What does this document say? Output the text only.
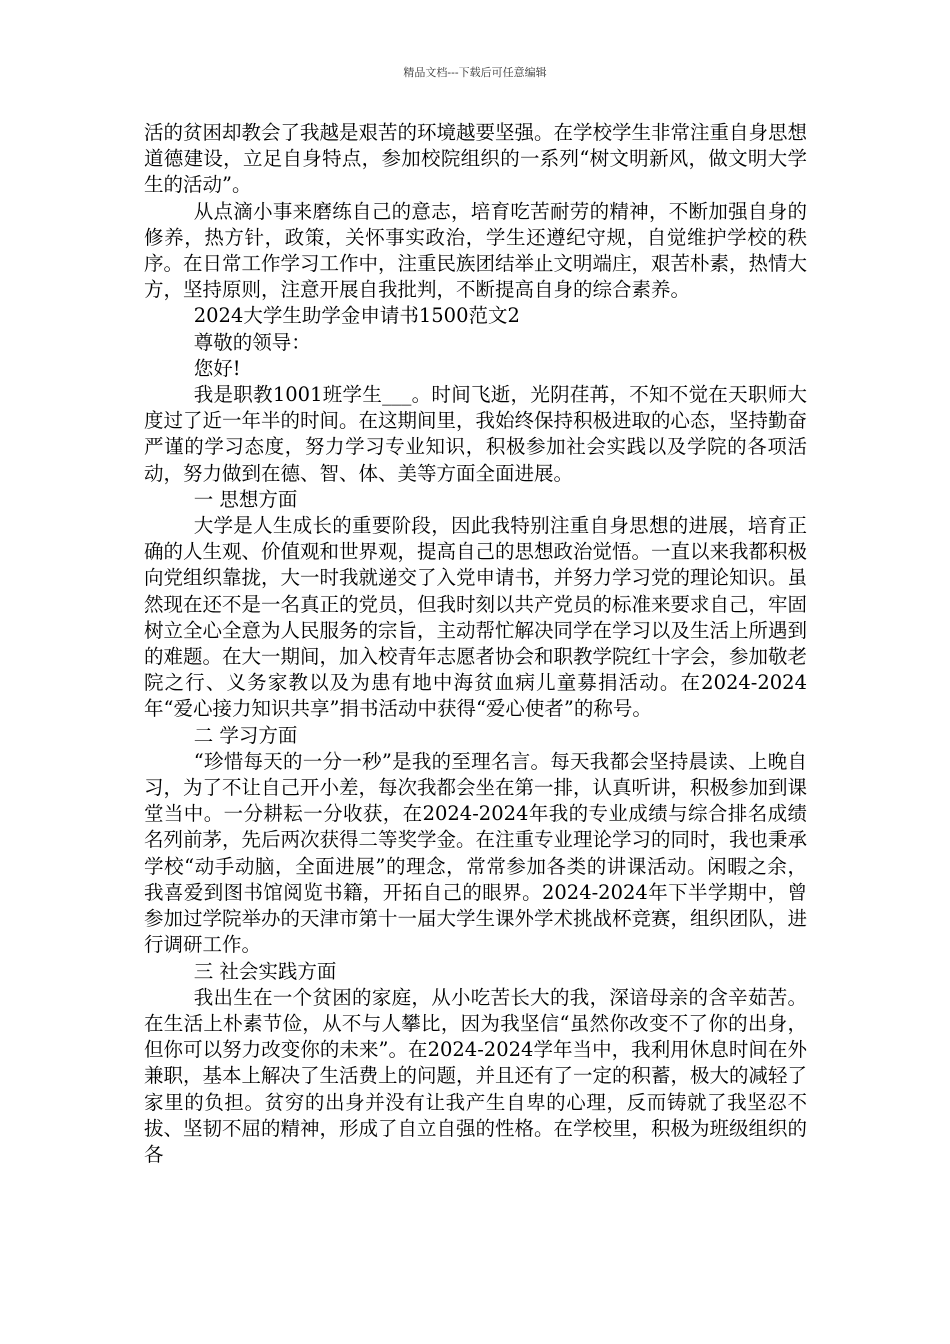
精品文档---下载后可任意编辑

活的贫困却教会了我越是艰苦的环境越要坚强。在学校学生非常注重自身思想道德建设，立足自身特点，参加校院组织的一系列“树文明新风，做文明大学生的活动”。

从点滴小事来磨练自己的意志，培育吃苦耐劳的精神，不断加强自身的修养，热方针，政策，关怀事实政治，学生还遵纪守规，自觉维护学校的秩序。在日常工作学习工作中，注重民族团结举止文明端庄，艰苦朴素，热情大方，坚持原则，注意开展自我批判，不断提高自身的综合素养。

2024大学生助学金申请书1500范文2

尊敬的领导：

您好!

我是职教1001班学生___。时间飞逝，光阴荏苒，不知不觉在天职师大度过了近一年半的时间。在这期间里，我始终保持积极进取的心态，坚持勤奋严谨的学习态度，努力学习专业知识，积极参加社会实践以及学院的各项活动，努力做到在德、智、体、美等方面全面进展。

一 思想方面

大学是人生成长的重要阶段，因此我特别注重自身思想的进展，培育正确的人生观、价值观和世界观，提高自己的思想政治觉悟。一直以来我都积极向党组织靠拢，大一时我就递交了入党申请书，并努力学习党的理论知识。虽然现在还不是一名真正的党员，但我时刻以共产党员的标准来要求自己，牢固树立全心全意为人民服务的宗旨，主动帮忙解决同学在学习以及生活上所遇到的难题。在大一期间，加入校青年志愿者协会和职教学院红十字会，参加敬老院之行、义务家教以及为患有地中海贫血病儿童募捐活动。在2024-2024年“爱心接力知识共享”捐书活动中获得“爱心使者”的称号。

二 学习方面

“珍惜每天的一分一秒”是我的至理名言。每天我都会坚持晨读、上晚自习，为了不让自己开小差，每次我都会坐在第一排，认真听讲，积极参加到课堂当中。一分耕耘一分收获，在2024-2024年我的专业成绩与综合排名成绩名列前茅，先后两次获得二等奖学金。在注重专业理论学习的同时，我也秉承学校“动手动脑，全面进展”的理念，常常参加各类的讲课活动。闲暇之余，我喜爱到图书馆阅览书籍，开拓自己的眼界。2024-2024年下半学期中，曾参加过学院举办的天津市第十一届大学生课外学术挑战杯竞赛，组织团队，进行调研工作。

三 社会实践方面

我出生在一个贫困的家庭，从小吃苦长大的我，深谙母亲的含辛茹苦。在生活上朴素节俭，从不与人攀比，因为我坚信“虽然你改变不了你的出身，但你可以努力改变你的未来”。在2024-2024学年当中，我利用休息时间在外兼职，基本上解决了生活费上的问题，并且还有了一定的积蓄，极大的减轻了家里的负担。贫穷的出身并没有让我产生自卑的心理，反而铸就了我坚忍不拔、坚韧不屈的精神，形成了自立自强的性格。在学校里，积极为班级组织的各
